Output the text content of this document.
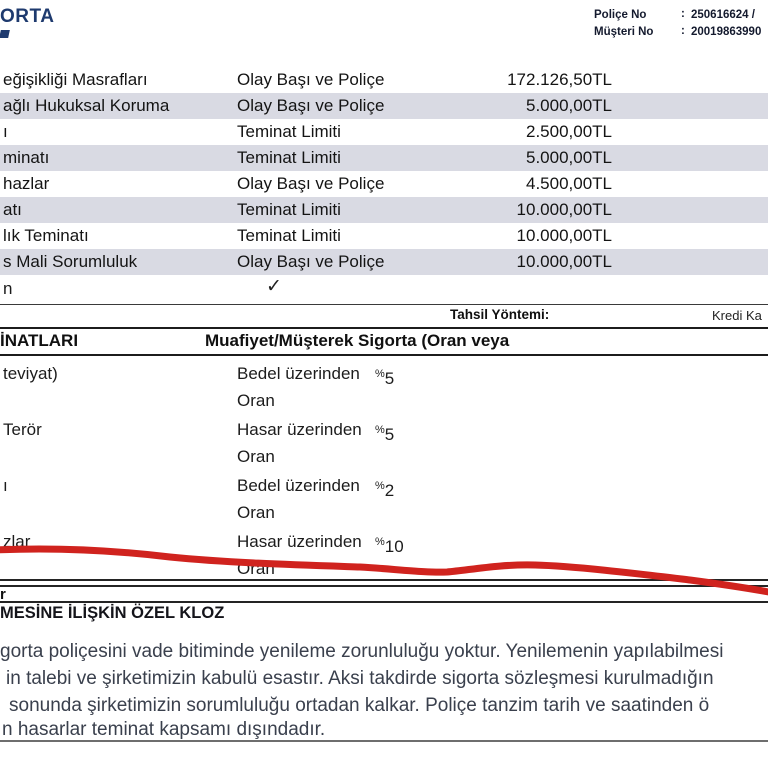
ORTA	Poliçe No	: 250616624 /
Müşteri No	: 20019863990
eğişikliği Masrafları	Olay Başı ve Poliçe	172.126,50TL
ağlı Hukuksal Koruma	Olay Başı ve Poliçe	5.000,00TL
ı	Teminat Limiti	2.500,00TL
minatı	Teminat Limiti	5.000,00TL
hazlar	Olay Başı ve Poliçe	4.500,00TL
atı	Teminat Limiti	10.000,00TL
lık Teminatı	Teminat Limiti	10.000,00TL
s Mali Sorumluluk	Olay Başı ve Poliçe	10.000,00TL
n	✓
Tahsil Yöntemi:	Kredi Ka
İNATLARI	Muafiyet/Müşterek Sigorta (Oran veya
teviyat)	Bedel üzerinden %5
Oran
Terör	Hasar üzerinden %5
Oran
ı	Bedel üzerinden %2
Oran
zlar	Hasar üzerinden %10
Oran
r
MESİNE İLİŞKİN ÖZEL KLOZ
gorta poliçesini vade bitiminde yenileme zorunluluğu yoktur. Yenilemenin yapılabilmesi
in talebi ve şirketimizin kabulü esastır. Aksi takdirde sigorta sözleşmesi kurulmadığın
sonunda şirketimizin sorumluluğu ortadan kalkar. Poliçe tanzim tarih ve saatinden ö
n hasarlar teminat kapsamı dışındadır.
